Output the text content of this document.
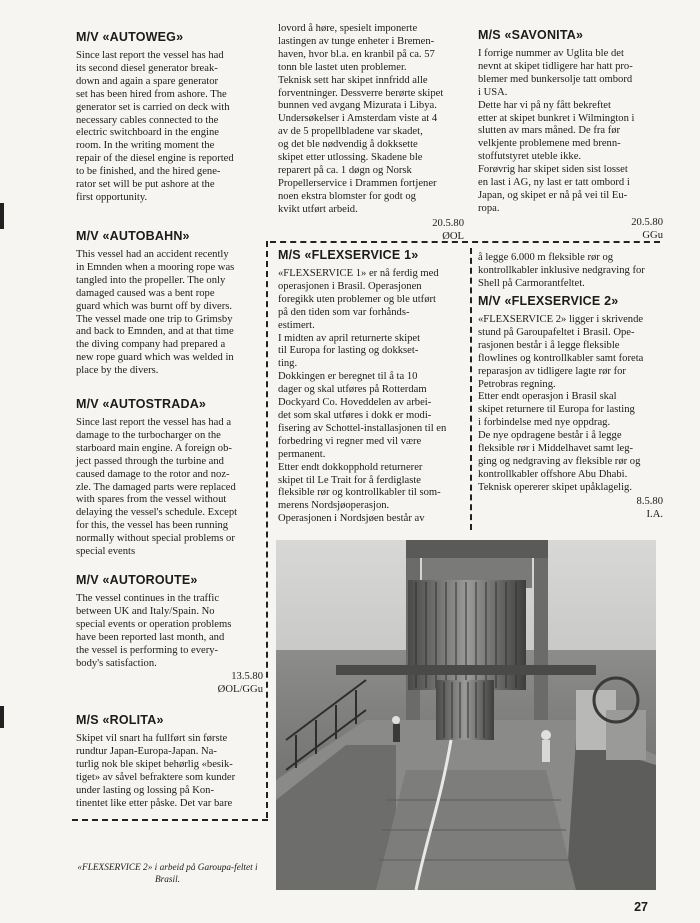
M/V «AUTOWEG»

Since last report the vessel has had
its second diesel generator break-
down and again a spare generator
set has been hired from ashore. The
generator set is carried on deck with
necessary cables connected to the
electric switchboard in the engine
room. In the writing moment the
repair of the diesel engine is reported
to be finished, and the hired gene-
rator set will be put ashore at the
first opportunity.

M/V «AUTOBAHN»

This vessel had an accident recently
in Emnden when a mooring rope was
tangled into the propeller. The only
damaged caused was a bent rope
guard which was burnt off by divers.
The vessel made one trip to Grimsby
and back to Emnden, and at that time
the diving company had prepared a
new rope guard which was welded in
place by the divers.

M/V «AUTOSTRADA»

Since last report the vessel has had a
damage to the turbocharger on the
starboard main engine. A foreign ob-
ject passed through the turbine and
caused damage to the rotor and noz-
zle. The damaged parts were replaced
with spares from the vessel without
delaying the vessel's schedule. Except
for this, the vessel has been running
normally without special problems or
special events

M/V «AUTOROUTE»

The vessel continues in the traffic
between UK and Italy/Spain. No
special events or operation problems
have been reported last month, and
the vessel is performing to every-
body's satisfaction.

13.5.80
ØOL/GGu
M/S «ROLITA»

Skipet vil snart ha fullført sin første
rundtur Japan-Europa-Japan. Na-
turlig nok ble skipet behørlig «besik-
tiget» av såvel befraktere som kunder
under lasting og lossing på Kon-
tinentet like etter påske. Det var bare

«FLEXSERVICE 2» i arbeid på Garoupa-feltet i Brasil.

lovord å høre, spesielt imponerte
lastingen av tunge enheter i Bremen-
haven, hvor bl.a. en kranbil på ca. 57
tonn ble lastet uten problemer.
Teknisk sett har skipet innfridd alle
forventninger. Dessverre berørte skipet
bunnen ved avgang Mizurata i Libya.
Undersøkelser i Amsterdam viste at 4
av de 5 propellbladene var skadet,
og det ble nødvendig å dokksette
skipet etter utlossing. Skadene ble
reparert på ca. 1 døgn og Norsk
Propellerservice i Drammen fortjener
noen ekstra blomster for godt og
kvikt utført arbeid.

20.5.80
ØOL
M/S «FLEXSERVICE 1»

«FLEXSERVICE 1» er nå ferdig med
operasjonen i Brasil. Operasjonen
foregikk uten problemer og ble utført
på den tiden som var forhånds-
estimert.
I midten av april returnerte skipet
til Europa for lasting og dokkset-
ting.
Dokkingen er beregnet til å ta 10
dager og skal utføres på Rotterdam
Dockyard Co. Hoveddelen av arbei-
det som skal utføres i dokk er modi-
fisering av Schottel-installasjonen til en
forbedring vi regner med vil være
permanent.
Etter endt dokkopphold returnerer
skipet til Le Trait for å ferdiglaste
fleksible rør og kontrollkabler til som-
merens Nordsjøoperasjon.
Operasjonen i Nordsjøen består av

M/S «SAVONITA»

I forrige nummer av Uglita ble det
nevnt at skipet tidligere har hatt pro-
blemer med bunkersolje tatt ombord
i USA.
Dette har vi på ny fått bekreftet
etter at skipet bunkret i Wilmington i
slutten av mars måned. De fra før
velkjente problemene med brenn-
stoffutstyret uteble ikke.
Forøvrig har skipet siden sist losset
en last i AG, ny last er tatt ombord i
Japan, og skipet er nå på vei til Eu-
ropa.

20.5.80
GGu

å legge 6.000 m fleksible rør og
kontrollkabler inklusive nedgraving for
Shell på Carmorantfeltet.

M/V «FLEXSERVICE 2»

«FLEXSERVICE 2» ligger i skrivende
stund på Garoupafeltet i Brasil. Ope-
rasjonen består i å legge fleksible
flowlines og kontrollkabler samt foreta
reparasjon av tidligere lagte rør for
Petrobras regning.
Etter endt operasjon i Brasil skal
skipet returnere til Europa for lasting
i forbindelse med nye oppdrag.
De nye opdragene består i å legge
fleksible rør i Middelhavet samt leg-
ging og nedgraving av fleksible rør og
kontrollkabler offshore Abu Dhabi.
Teknisk opererer skipet upåklagelig.

8.5.80
I.A.
27
